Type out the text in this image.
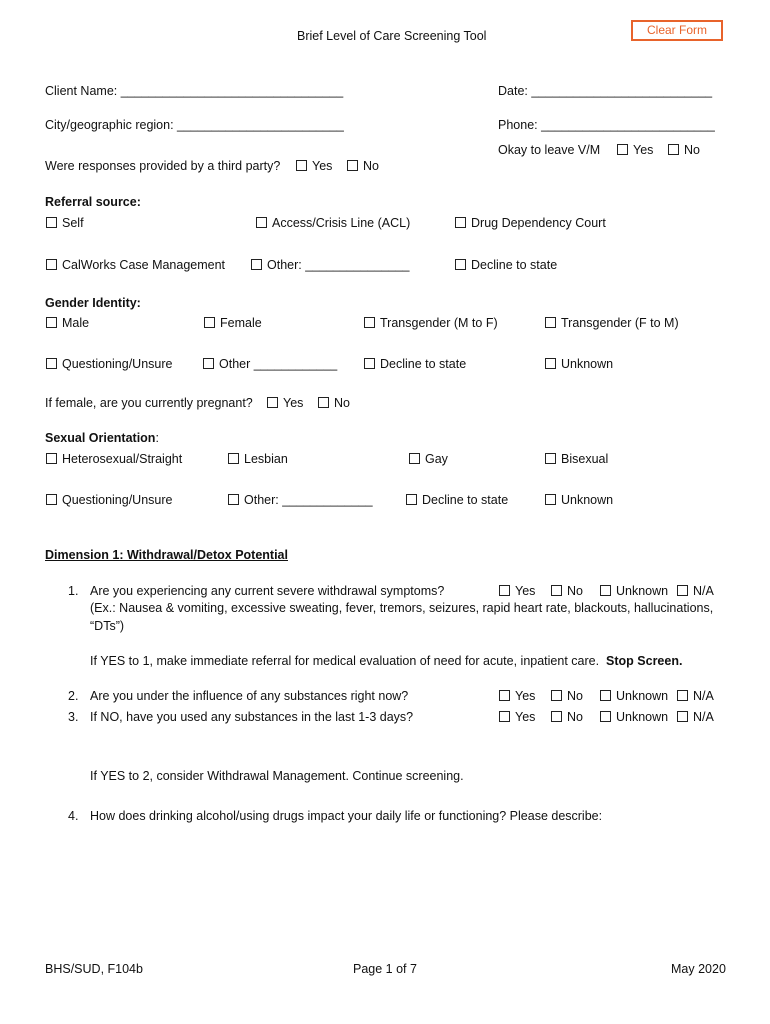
Brief Level of Care Screening Tool	Clear Form
Client Name: ________________________________	Date: __________________________
City/geographic region: ________________________	Phone: _________________________
Okay to leave V/M	Yes	No
Were responses provided by a third party?	Yes	No
Referral source:
Self	Access/Crisis Line (ACL)	Drug Dependency Court
CalWorks Case Management	Other: _______________	Decline to state
Gender Identity:
Male	Female	Transgender (M to F)	Transgender (F to M)
Questioning/Unsure	Other ____________	Decline to state	Unknown
If female, are you currently pregnant?	Yes	No
Sexual Orientation:
Heterosexual/Straight	Lesbian	Gay	Bisexual
Questioning/Unsure	Other: _____________	Decline to state	Unknown
Dimension 1: Withdrawal/Detox Potential
1. Are you experiencing any current severe withdrawal symptoms?	Yes	No	Unknown	N/A
(Ex.: Nausea & vomiting, excessive sweating, fever, tremors, seizures, rapid heart rate, blackouts, hallucinations,
“DTs”)
If YES to 1, make immediate referral for medical evaluation of need for acute, inpatient care. Stop Screen.
2. Are you under the influence of any substances right now?	Yes	No	Unknown	N/A
3. If NO, have you used any substances in the last 1-3 days?	Yes	No	Unknown	N/A
If YES to 2, consider Withdrawal Management. Continue screening.
4. How does drinking alcohol/using drugs impact your daily life or functioning? Please describe:
BHS/SUD, F104b	Page 1 of 7	May 2020
